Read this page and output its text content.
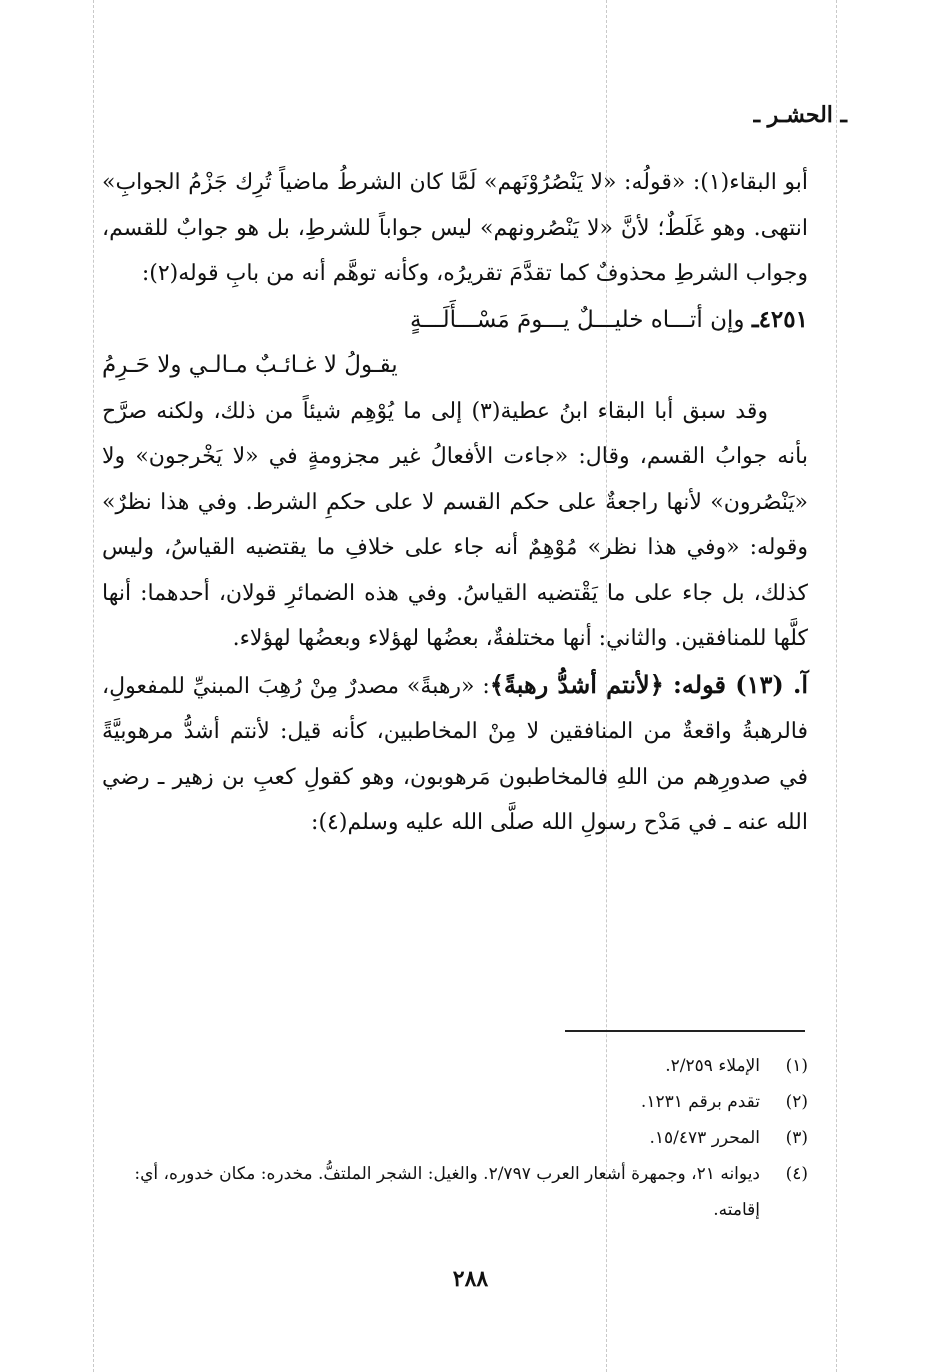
ـ الحشـر ـ

أبو البقاء(١): «قولُه: «لا يَنْصُرُوْنَهم» لَمَّا كان الشرطُ ماضياً تُرِك جَزْمُ الجوابِ» انتهى. وهو غَلَطٌ؛ لأنَّ «لا يَنْصُرونهم» ليس جواباً للشرطِ، بل هو جوابٌ للقسم، وجواب الشرطِ محذوفٌ كما تقدَّمَ تقريرُه، وكأنه توهَّم أنه من بابِ قوله(٢):

٤٢٥١ـ وإن أتـــاه خليـــلٌ يـــومَ مَسْـــأَلَـــةٍ
يقـولُ لا غـائـبٌ مـالـي ولا حَـرِمُ

وقد سبق أبا البقاء ابنُ عطية(٣) إلى ما يُوْهِم شيئاً من ذلك، ولكنه صرَّح بأنه جوابُ القسم، وقال: «جاءت الأفعالُ غير مجزومةٍ في «لا يَخْرجون» ولا «يَنْصُرون» لأنها راجعةٌ على حكم القسم لا على حكمِ الشرط. وفي هذا نظرٌ» وقوله: «وفي هذا نظر» مُوْهِمٌ أنه جاء على خلافِ ما يقتضيه القياسُ، وليس كذلك، بل جاء على ما يَقْتضيه القياسُ. وفي هذه الضمائرِ قولان، أحدهما: أنها كلَّها للمنافقين. والثاني: أنها مختلفةٌ، بعضُها لهؤلاء وبعضُها لهؤلاء.

آ. (١٣) قوله: ﴿لأنتم أشدُّ رهبةً﴾: «رهبةً» مصدرٌ مِنْ رُهِبَ المبنيِّ للمفعولِ، فالرهبةُ واقعةٌ من المنافقين لا مِنْ المخاطبين، كأنه قيل: لأنتم أشدُّ مرهوبيَّةً في صدورِهم من اللهِ فالمخاطبون مَرهوبون، وهو كقولِ كعبِ بن زهير ـ رضي الله عنه ـ في مَدْح رسولِ الله صلَّى الله عليه وسلم(٤):

(١)
الإملاء ٢/٢٥٩.
(٢)
تقدم برقم ١٢٣١.
(٣)
المحرر ١٥/٤٧٣.
(٤)
ديوانه ٢١، وجمهرة أشعار العرب ٢/٧٩٧. والغيل: الشجر الملتفُّ. مخدره: مكان خدوره، أي: إقامته.
٢٨٨
